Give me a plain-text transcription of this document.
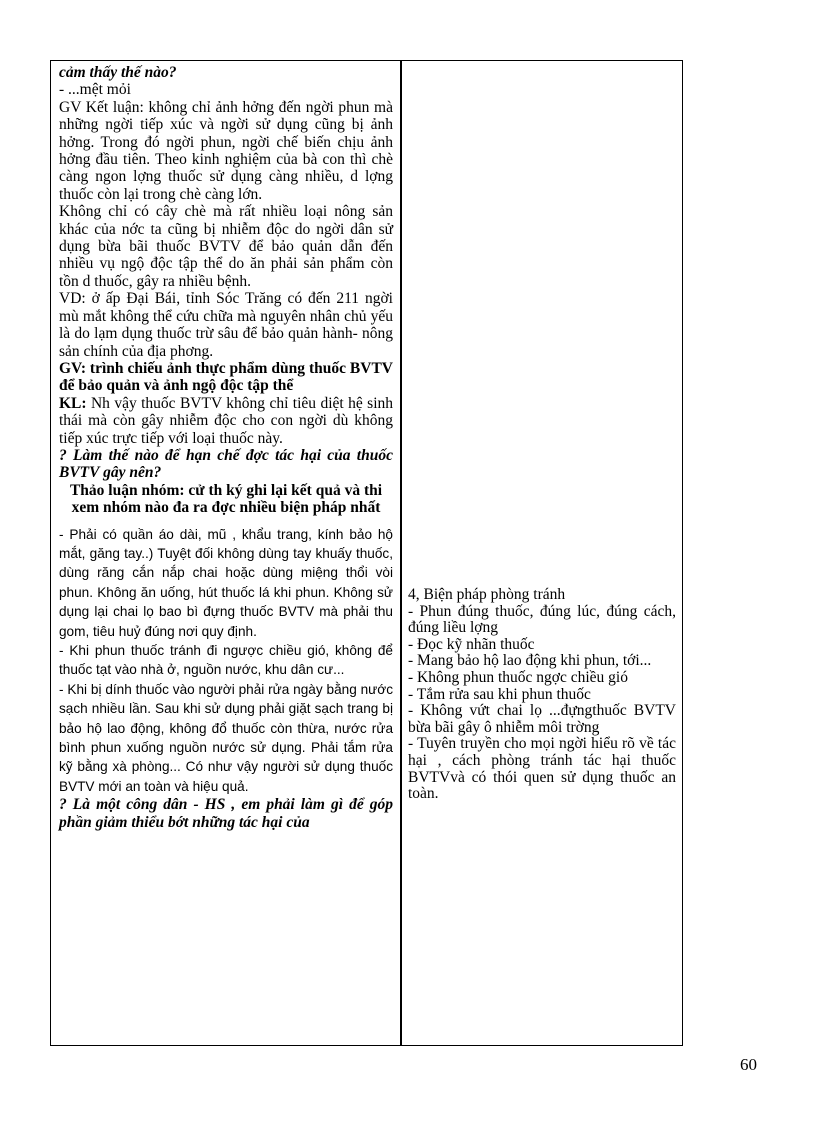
cảm thấy thế nào?

- ...mệt mỏi

GV Kết luận: không chỉ ảnh hởng đến ngời phun mà những ngời tiếp xúc và ngời sử dụng cũng bị ảnh hởng. Trong đó ngời phun, ngời chế biến chịu ảnh hởng đầu tiên. Theo kinh nghiệm của bà con thì chè càng ngon lợng thuốc sử dụng càng nhiều, d lợng thuốc còn lại trong chè càng lớn.

Không chỉ có cây chè mà rất nhiều loại nông sản khác của nớc ta cũng bị nhiễm độc do ngời dân sử dụng bừa bãi thuốc BVTV để bảo quản dẫn đến nhiều vụ ngộ độc tập thể do ăn phải sản phẩm còn tồn d thuốc, gây ra nhiều bệnh.

VD: ở ấp Đại Bái, tỉnh Sóc Trăng có đến 211 ngời mù mắt không thể cứu chữa mà nguyên nhân chủ yếu là do lạm dụng thuốc trừ sâu để bảo quản hành- nông sản chính của địa phơng.

GV: trình chiếu ảnh thực phẩm dùng thuốc BVTV để bảo quản và ảnh ngộ độc tập thể

KL: Nh vậy thuốc BVTV không chỉ tiêu diệt hệ sinh thái mà còn gây nhiễm độc cho con ngời dù không tiếp xúc trực tiếp với loại thuốc này.

? Làm thế nào để hạn chế đợc tác hại của thuốc BVTV gây nên?

Thảo luận nhóm: cử th ký ghi lại kết quả và thi xem nhóm nào đa ra đợc nhiều biện pháp nhất

- Phải có quần áo dài, mũ , khẩu trang, kính bảo hộ mắt, găng tay..) Tuyệt đối không dùng tay khuấy thuốc, dùng răng cắn nắp chai hoặc dùng miệng thổi vòi phun. Không ăn uống, hút thuốc lá khi phun. Không sử dụng lại chai lọ bao bì đựng thuốc BVTV mà phải thu gom, tiêu huỷ đúng nơi quy định.

- Khi phun thuốc tránh đi ngược chiều gió, không để thuốc tạt vào nhà ở, nguồn nước, khu dân cư...

- Khi bị dính thuốc vào người phải rửa ngày bằng nước sạch nhiều lần. Sau khi sử dụng phải giặt sạch trang bị bảo hộ lao động, không đổ thuốc còn thừa, nước rửa bình phun xuống nguồn nước sử dụng. Phải tắm rửa kỹ bằng xà phòng... Có như vậy người sử dụng thuốc BVTV mới an toàn và hiệu quả.

? Là một công dân - HS , em phải làm gì để góp phần giảm thiểu bớt những tác hại của

4, Biện pháp phòng tránh

- Phun đúng thuốc, đúng lúc, đúng cách, đúng liều lợng

- Đọc kỹ nhãn thuốc

- Mang bảo hộ lao động khi phun, tới...

- Không phun thuốc ngợc chiều gió

- Tắm rửa sau khi phun thuốc

- Không vứt chai lọ ...đựngthuốc BVTV bừa bãi gây ô nhiễm môi trờng

- Tuyên truyền cho mọi ngời hiểu rõ về tác hại , cách phòng tránh tác hại thuốc BVTVvà có thói quen sử dụng thuốc an toàn.

60
